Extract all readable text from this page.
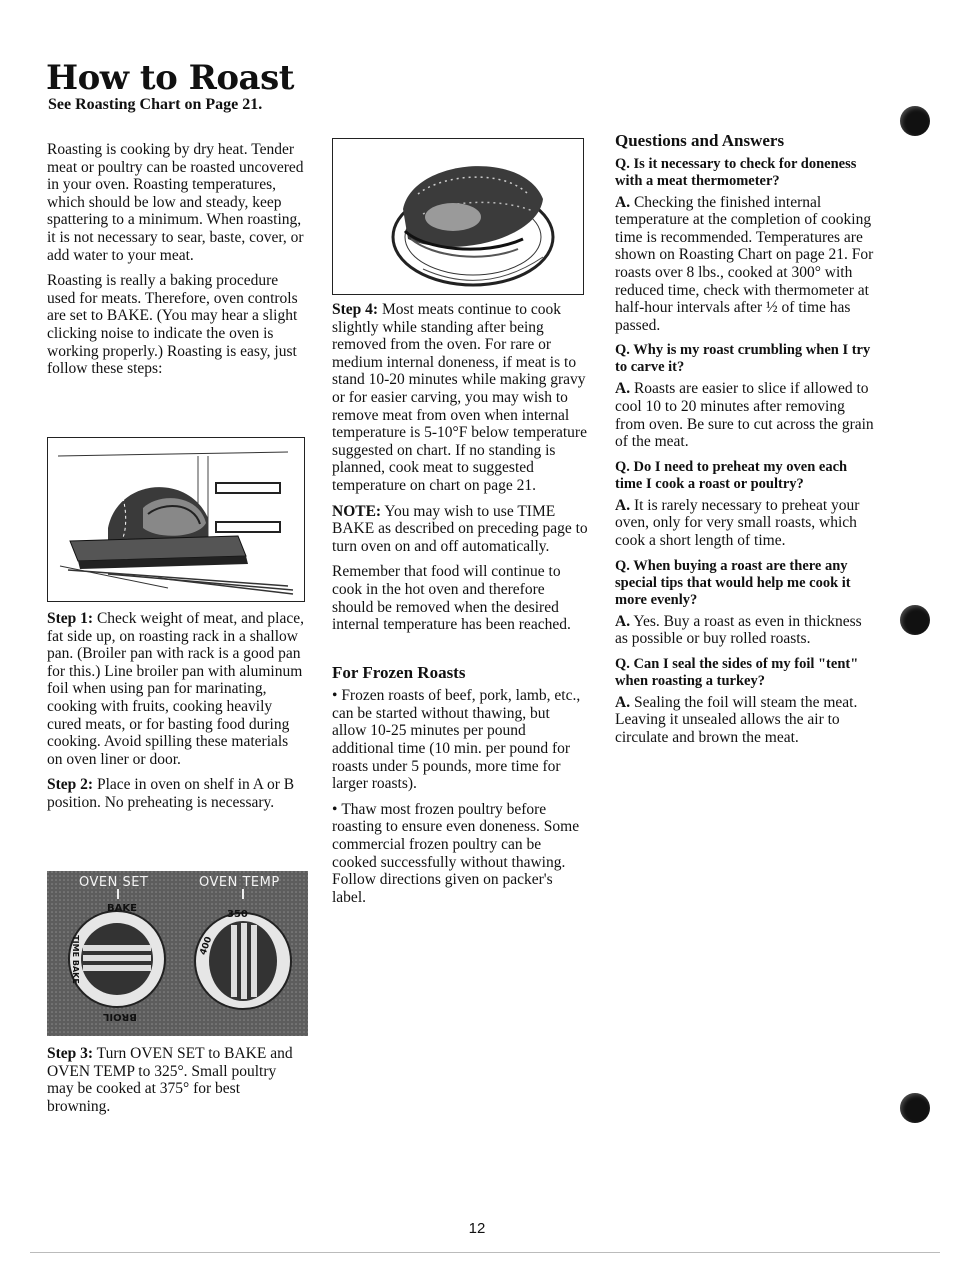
How to Roast
See Roasting Chart on Page 21.

Roasting is cooking by dry heat. Tender meat or poultry can be roasted uncovered in your oven. Roasting temperatures, which should be low and steady, keep spattering to a minimum. When roasting, it is not necessary to sear, baste, cover, or add water to your meat.

Roasting is really a baking procedure used for meats. Therefore, oven controls are set to BAKE. (You may hear a slight clicking noise to indicate the oven is working properly.) Roasting is easy, just follow these steps:

Step 1: Check weight of meat, and place, fat side up, on roasting rack in a shallow pan. (Broiler pan with rack is a good pan for this.) Line broiler pan with aluminum foil when using pan for marinating, cooking with fruits, cooking heavily cured meats, or for basting food during cooking. Avoid spilling these materials on oven liner or door.

Step 2: Place in oven on shelf in A or B position. No preheating is necessary.

OVEN SET	OVEN TEMP
BAKE
BROIL
TIME BAKE
350
400

Step 3: Turn OVEN SET to BAKE and OVEN TEMP to 325°. Small poultry may be cooked at 375° for best browning.

Step 4: Most meats continue to cook slightly while standing after being removed from the oven. For rare or medium internal doneness, if meat is to stand 10-20 minutes while making gravy or for easier carving, you may wish to remove meat from oven when internal temperature is 5-10°F below temperature suggested on chart. If no standing is planned, cook meat to suggested temperature on chart on page 21.

NOTE: You may wish to use TIME BAKE as described on preceding page to turn oven on and off automatically.

Remember that food will continue to cook in the hot oven and therefore should be removed when the desired internal temperature has been reached.

For Frozen Roasts

• Frozen roasts of beef, pork, lamb, etc., can be started without thawing, but allow 10-25 minutes per pound additional time (10 min. per pound for roasts under 5 pounds, more time for larger roasts).

• Thaw most frozen poultry before roasting to ensure even doneness. Some commercial frozen poultry can be cooked successfully without thawing. Follow directions given on packer's label.

Questions and Answers
Q. Is it necessary to check for doneness with a meat thermometer?

A. Checking the finished internal temperature at the completion of cooking time is recommended. Temperatures are shown on Roasting Chart on page 21. For roasts over 8 lbs., cooked at 300° with reduced time, check with thermometer at half-hour intervals after ½ of time has passed.

Q. Why is my roast crumbling when I try to carve it?

A. Roasts are easier to slice if allowed to cool 10 to 20 minutes after removing from oven. Be sure to cut across the grain of the meat.

Q. Do I need to preheat my oven each time I cook a roast or poultry?

A. It is rarely necessary to preheat your oven, only for very small roasts, which cook a short length of time.

Q. When buying a roast are there any special tips that would help me cook it more evenly?

A. Yes. Buy a roast as even in thickness as possible or buy rolled roasts.

Q. Can I seal the sides of my foil "tent" when roasting a turkey?

A. Sealing the foil will steam the meat. Leaving it unsealed allows the air to circulate and brown the meat.

12
